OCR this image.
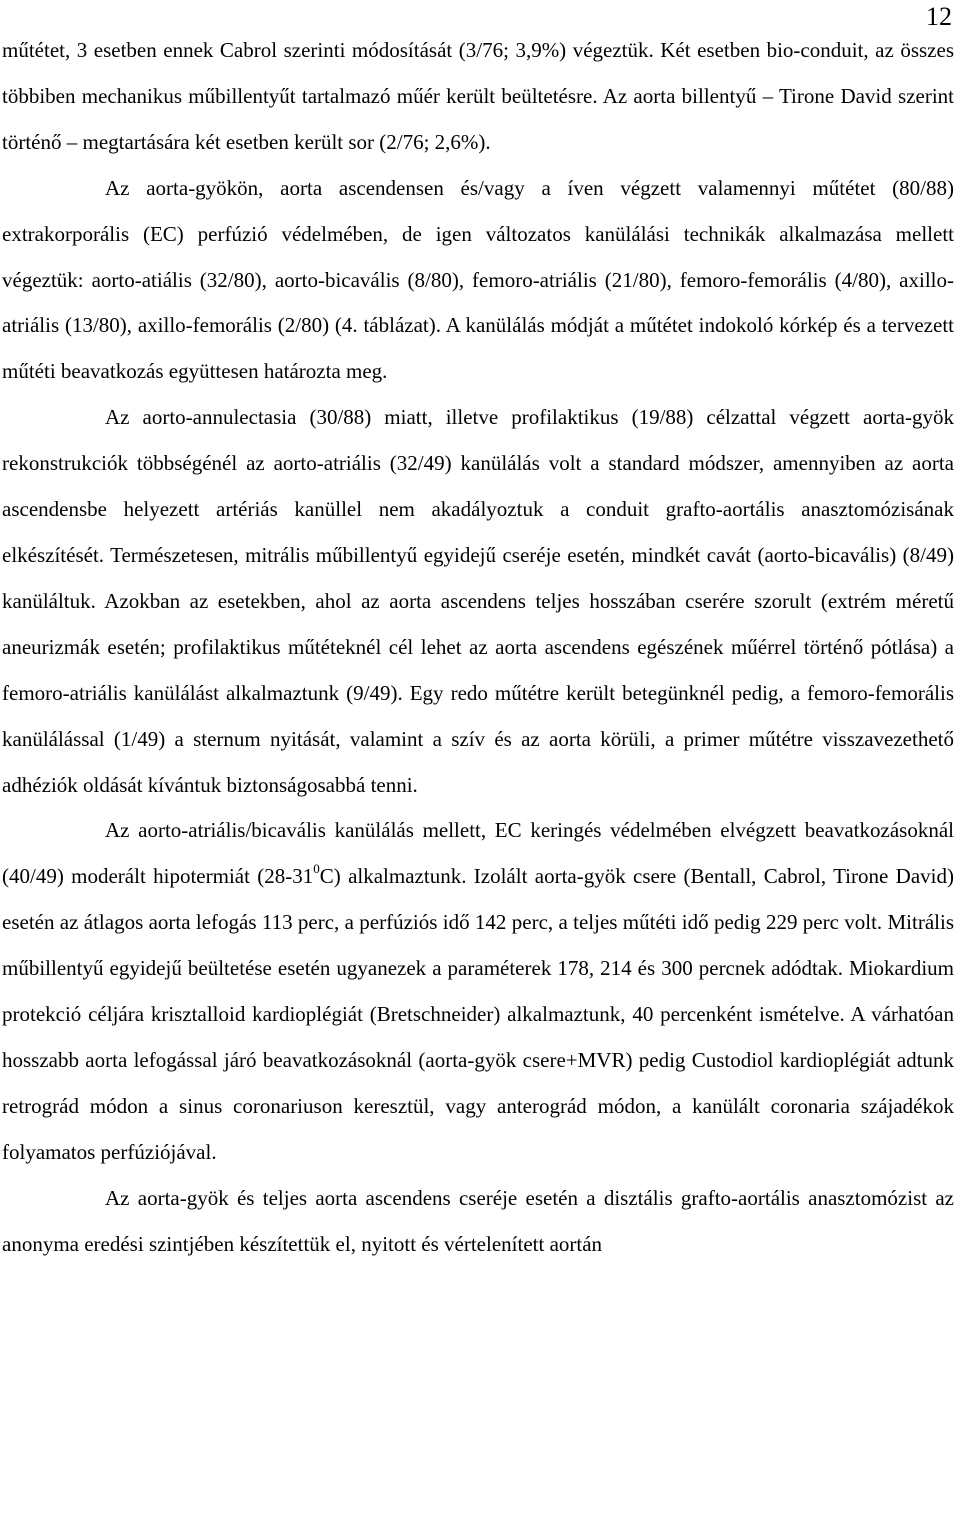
12

műtétet, 3 esetben ennek Cabrol szerinti módosítását (3/76; 3,9%) végeztük. Két esetben bio-conduit, az összes többiben mechanikus műbillentyűt tartalmazó műér került beültetésre. Az aorta billentyű – Tirone David szerint történő – megtartására két esetben került sor (2/76; 2,6%).

Az aorta-gyökön, aorta ascendensen és/vagy a íven végzett valamennyi műtétet (80/88) extrakorporális (EC) perfúzió védelmében, de igen változatos kanülálási technikák alkalmazása mellett végeztük: aorto-atiális (32/80), aorto-bicavális (8/80), femoro-atriális (21/80), femoro-femorális (4/80), axillo-atriális (13/80), axillo-femorális (2/80) (4. táblázat). A kanülálás módját a műtétet indokoló kórkép és a tervezett műtéti beavatkozás együttesen határozta meg.

Az aorto-annulectasia (30/88) miatt, illetve profilaktikus (19/88) célzattal végzett aorta-gyök rekonstrukciók többségénél az aorto-atriális (32/49) kanülálás volt a standard módszer, amennyiben az aorta ascendensbe helyezett artériás kanüllel nem akadályoztuk a conduit grafto-aortális anasztomózisának elkészítését. Természetesen, mitrális műbillentyű egyidejű cseréje esetén, mindkét cavát (aorto-bicavális) (8/49) kanüláltuk. Azokban az esetekben, ahol az aorta ascendens teljes hosszában cserére szorult (extrém méretű aneurizmák esetén; profilaktikus műtéteknél cél lehet az aorta ascendens egészének műérrel történő pótlása) a femoro-atriális kanülálást alkalmaztunk (9/49). Egy redo műtétre került betegünknél pedig, a femoro-femorális kanülálással (1/49) a sternum nyitását, valamint a szív és az aorta körüli, a primer műtétre visszavezethető adhéziók oldását kívántuk biztonságosabbá tenni.

Az aorto-atriális/bicavális kanülálás mellett, EC keringés védelmében elvégzett beavatkozásoknál (40/49) moderált hipotermiát $(28-31^0C)$ alkalmaztunk. Izolált aorta-gyök csere (Bentall, Cabrol, Tirone David) esetén az átlagos aorta lefogás 113 perc, a perfúziós idő 142 perc, a teljes műtéti idő pedig 229 perc volt. Mitrális műbillentyű egyidejű beültetése esetén ugyanezek a paraméterek 178, 214 és 300 percnek adódtak. Miokardium protekció céljára krisztalloid kardioplégiát (Bretschneider) alkalmaztunk, 40 percenként ismételve. A várhatóan hosszabb aorta lefogással járó beavatkozásoknál (aorta-gyök csere+MVR) pedig Custodiol kardioplégiát adtunk retrográd módon a sinus coronariuson keresztül, vagy anterográd módon, a kanülált coronaria szájadékok folyamatos perfúziójával.

Az aorta-gyök és teljes aorta ascendens cseréje esetén a disztális grafto-aortális anasztomózist az anonyma eredési szintjében készítettük el, nyitott és vértelenített aortán
